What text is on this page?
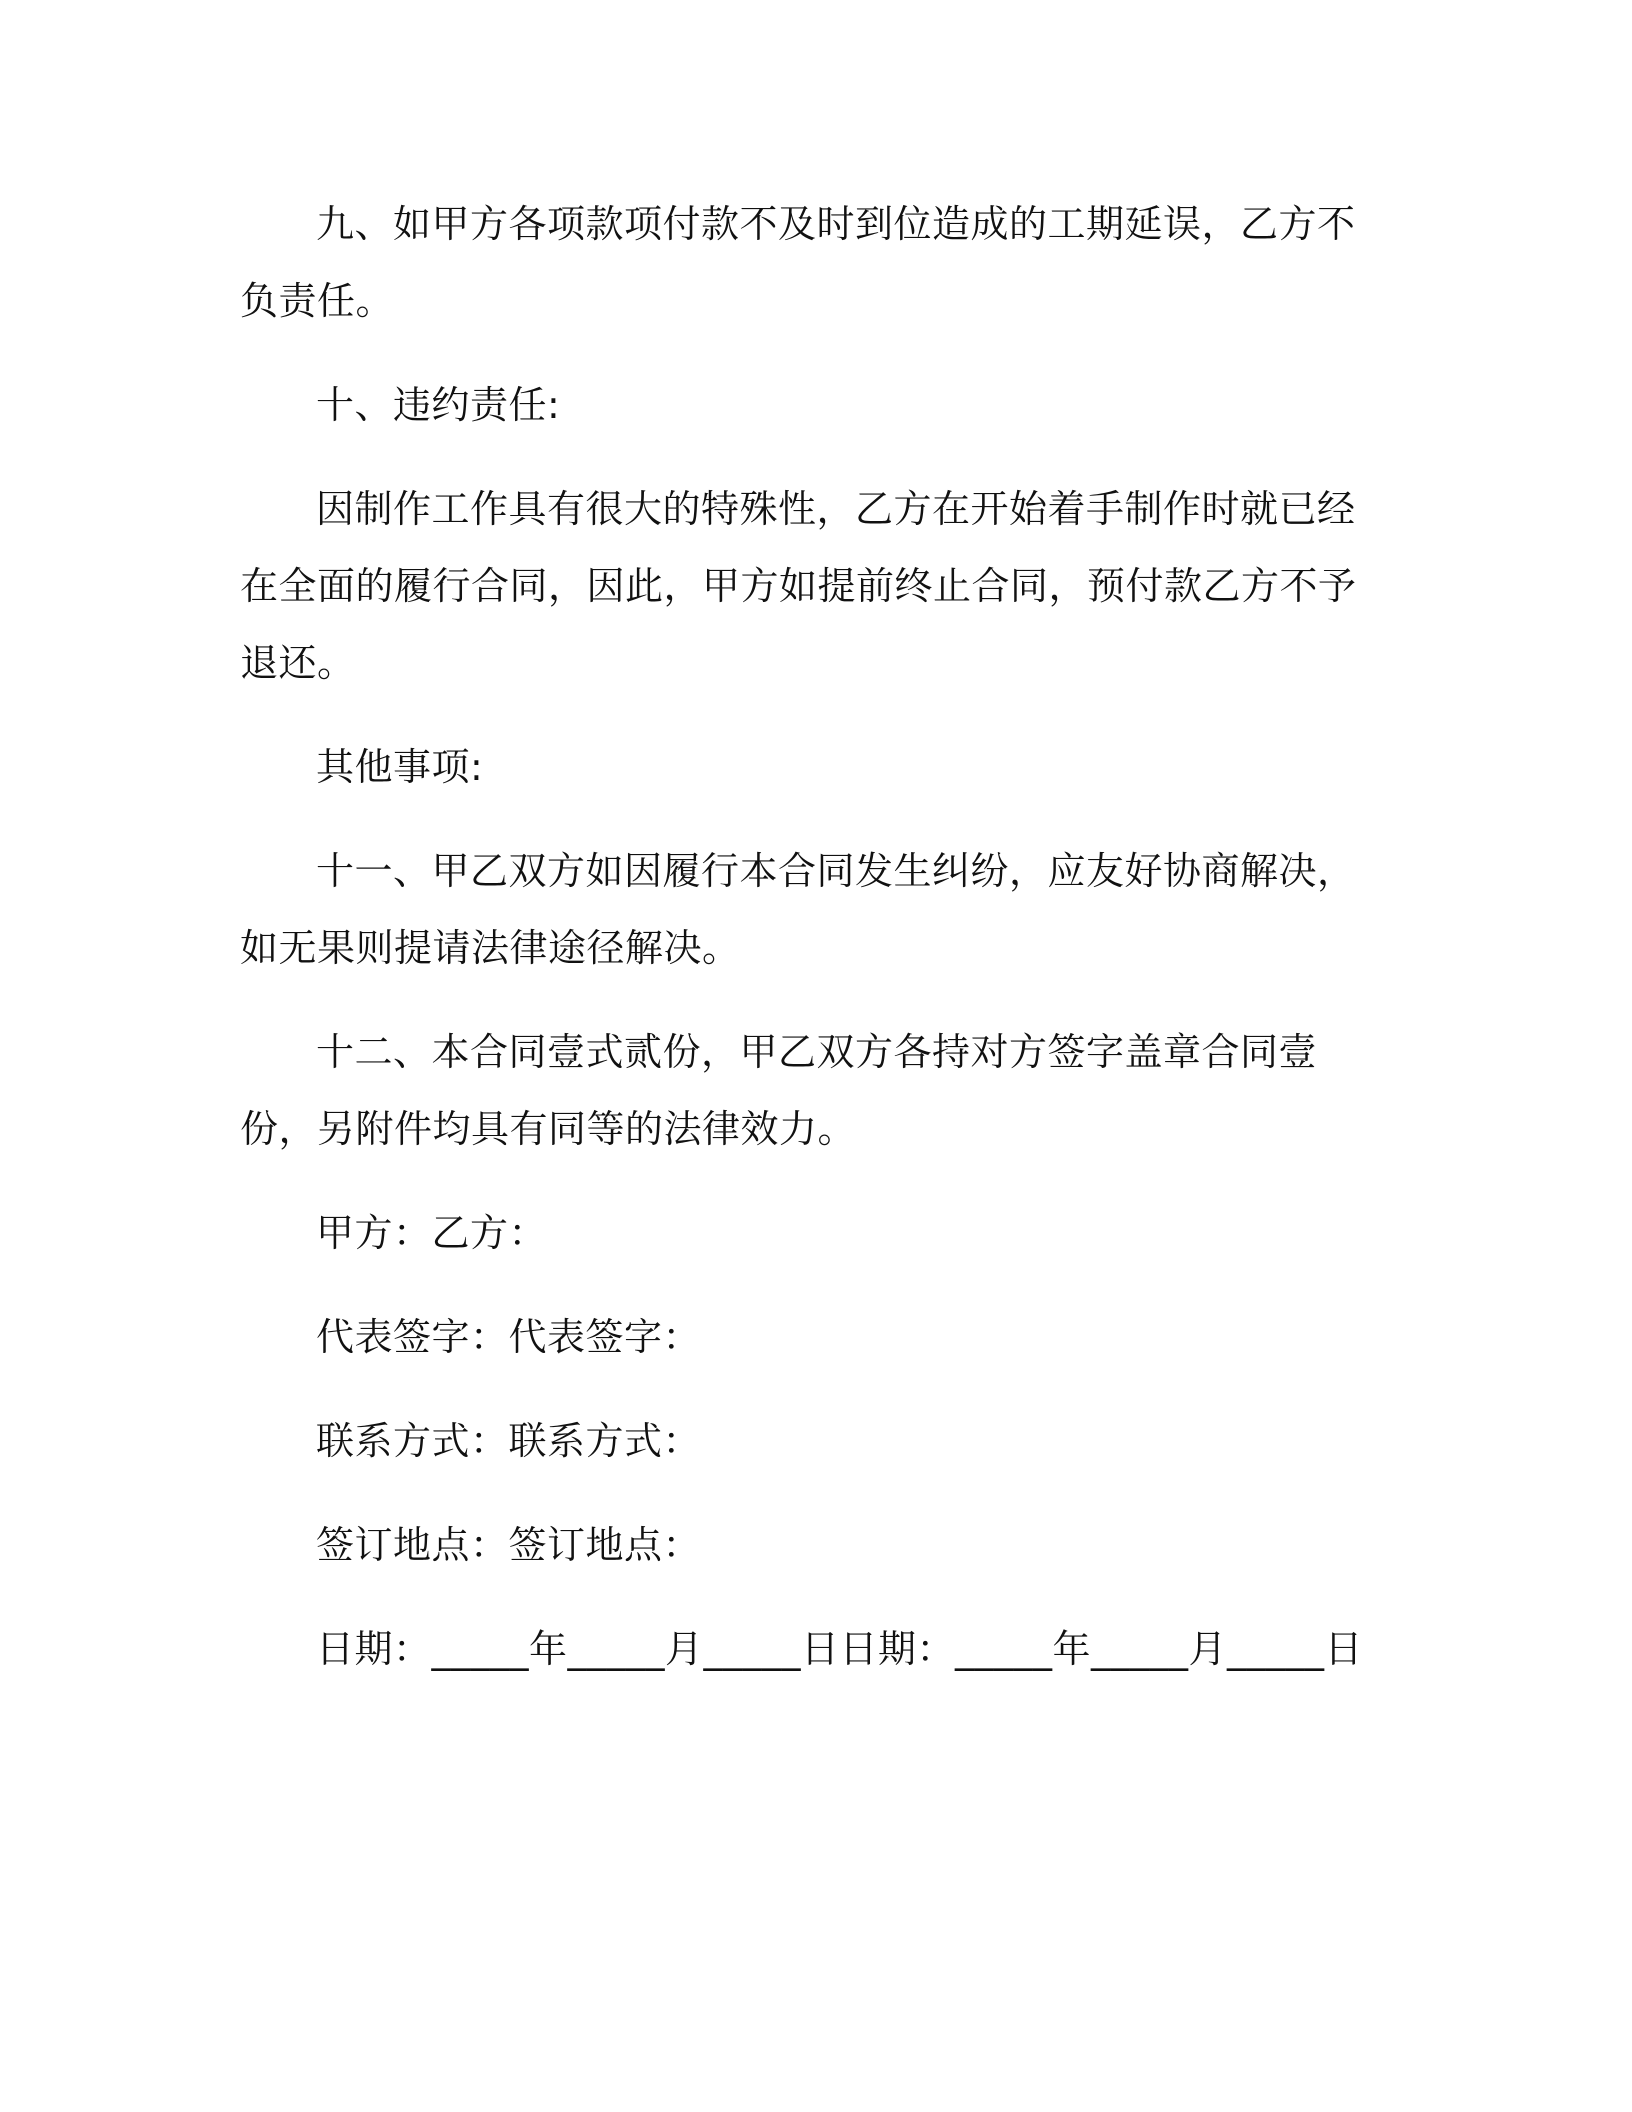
九、如甲方各项款项付款不及时到位造成的工期延误，乙方不负责任。

十、违约责任:

因制作工作具有很大的特殊性，乙方在开始着手制作时就已经在全面的履行合同，因此，甲方如提前终止合同，预付款乙方不予退还。

其他事项:

十一、甲乙双方如因履行本合同发生纠纷，应友好协商解决，如无果则提请法律途径解决。

十二、本合同壹式贰份，甲乙双方各持对方签字盖章合同壹份，另附件均具有同等的法律效力。

甲方：乙方：

代表签字：代表签字：

联系方式：联系方式：

签订地点：签订地点：

日期：_____年_____月_____日日期：_____年_____月_____日
